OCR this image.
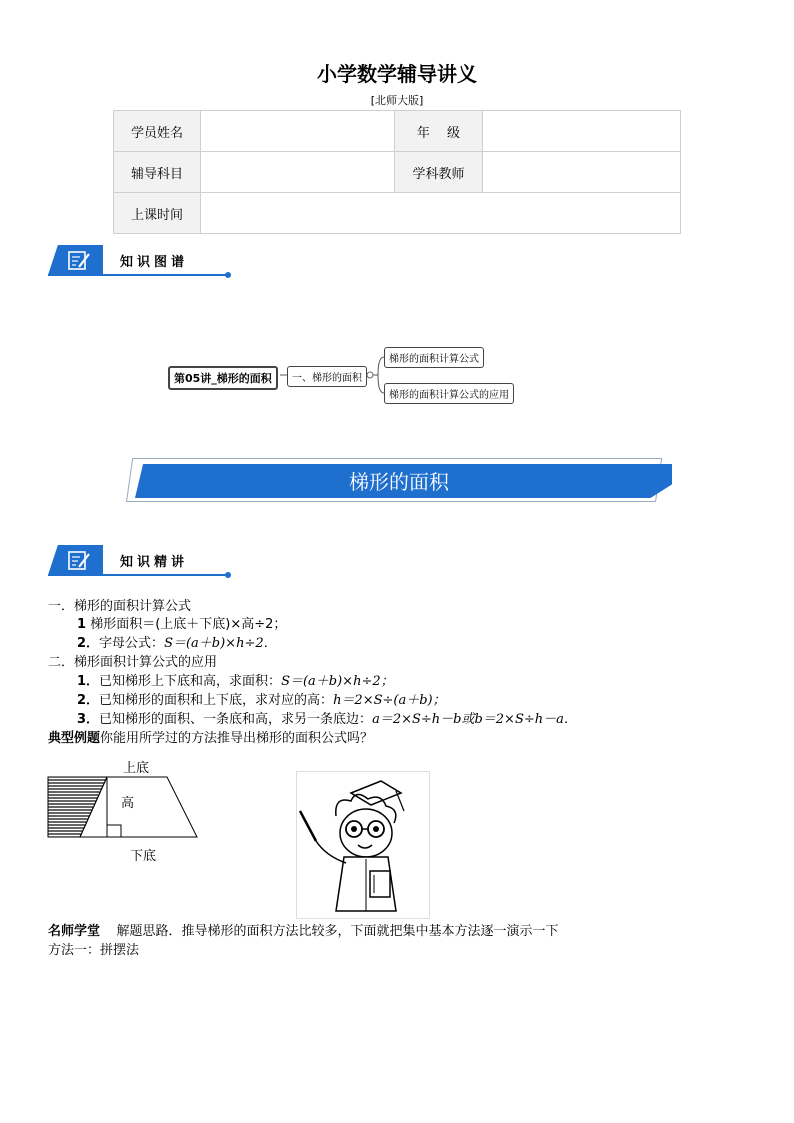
小学数学辅导讲义
[北师大版]
学员姓名		年　 级	
辅导科目		学科教师	
上课时间			
知识图谱
第05讲_梯形的面积	一、梯形的面积
梯形的面积计算公式
梯形的面积计算公式的应用
梯形的面积
知识精讲
一．梯形的面积计算公式
1 梯形面积＝(上底＋下底)×高÷2；
2．字母公式：S＝(a＋b)×h÷2．
二．梯形面积计算公式的应用
1．已知梯形上下底和高，求面积：S＝(a＋b)×h÷2；
2．已知梯形的面积和上下底，求对应的高：h＝2×S÷(a＋b)；
3．已知梯形的面积、一条底和高，求另一条底边：a＝2×S÷h－b或b＝2×S÷h－a．
典型例题你能用所学过的方法推导出梯形的面积公式吗？
上底
高
下底
名师学堂 解题思路．推导梯形的面积方法比较多，下面就把集中基本方法逐一演示一下
方法一：拼摆法
